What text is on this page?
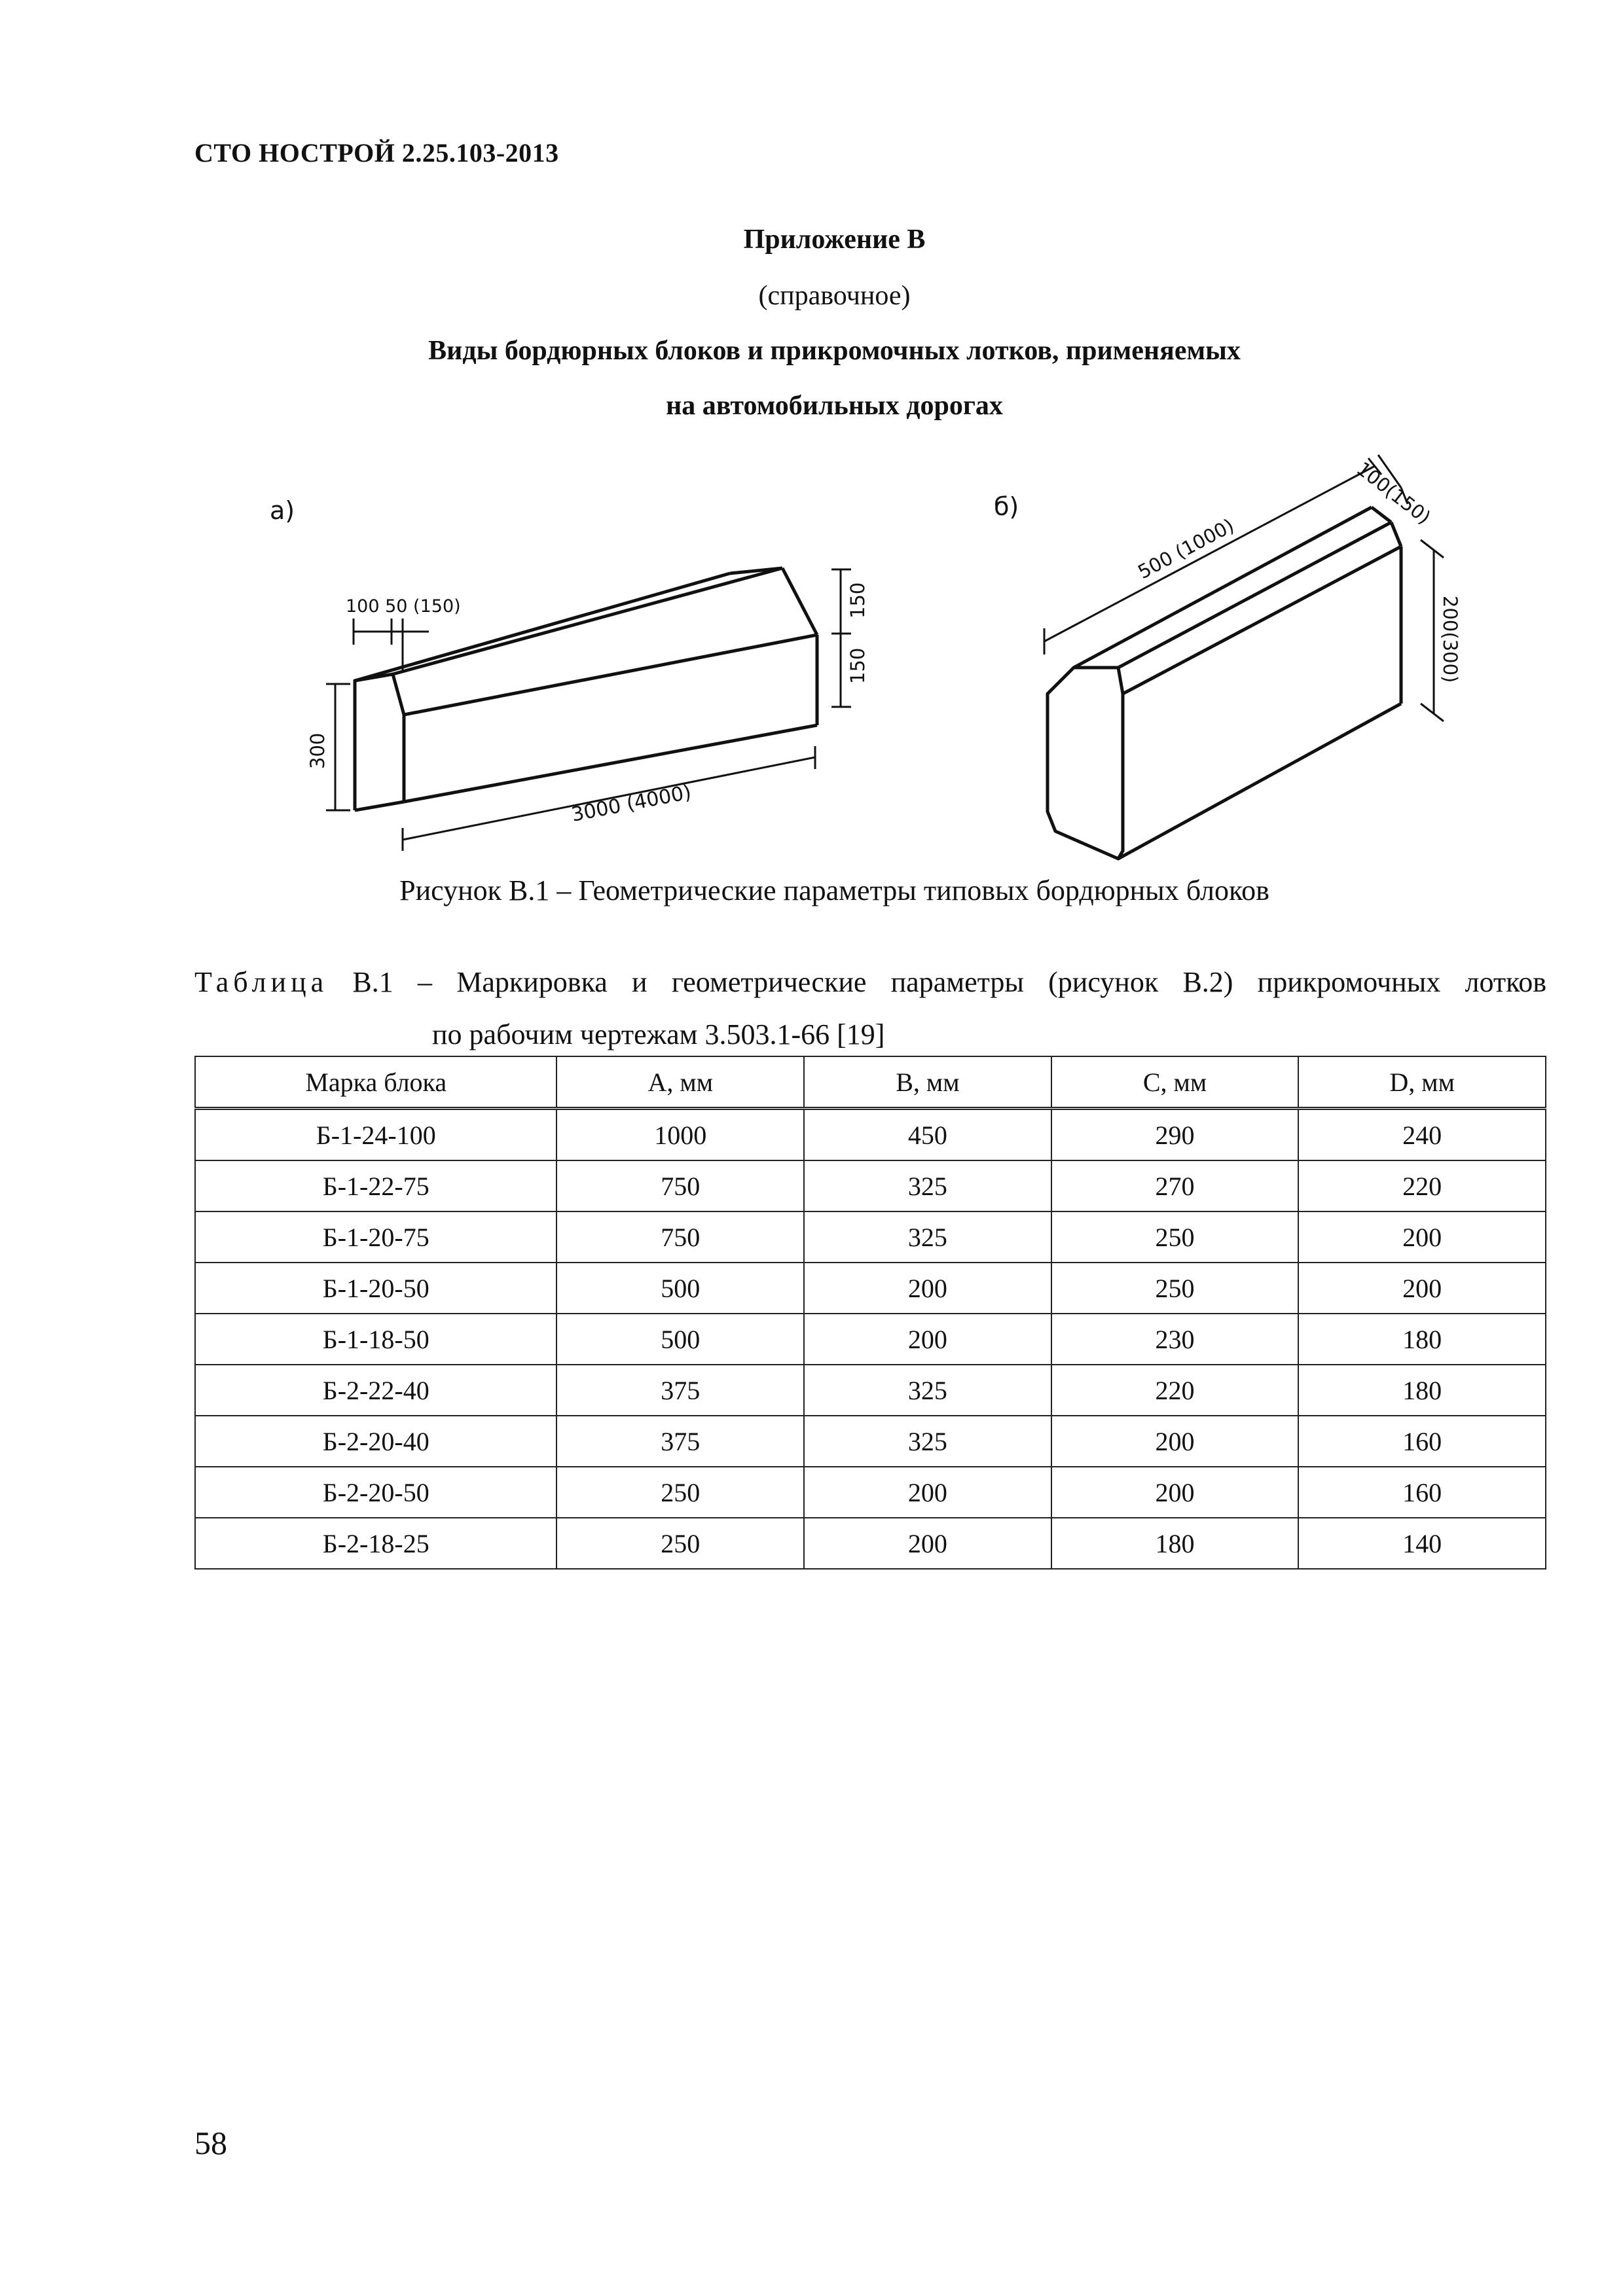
СТО НОСТРОЙ 2.25.103-2013
Приложение В
(справочное)
Виды бордюрных блоков и прикромочных лотков, применяемых
на автомобильных дорогах
а)
100 50 (150)
300
150
150
3000 (4000)
500 (1000)
100(150)
200(300)
б)
Рисунок В.1 – Геометрические параметры типовых бордюрных блоков
Таблица В.1 – Маркировка и геометрические параметры (рисунок В.2) прикромочных лотков
по рабочим чертежам 3.503.1-66 [19]
Марка блока	A, мм	B, мм	C, мм	D, мм
Б-1-24-100	1000	450	290	240
Б-1-22-75	750	325	270	220
Б-1-20-75	750	325	250	200
Б-1-20-50	500	200	250	200
Б-1-18-50	500	200	230	180
Б-2-22-40	375	325	220	180
Б-2-20-40	375	325	200	160
Б-2-20-50	250	200	200	160
Б-2-18-25	250	200	180	140
58
